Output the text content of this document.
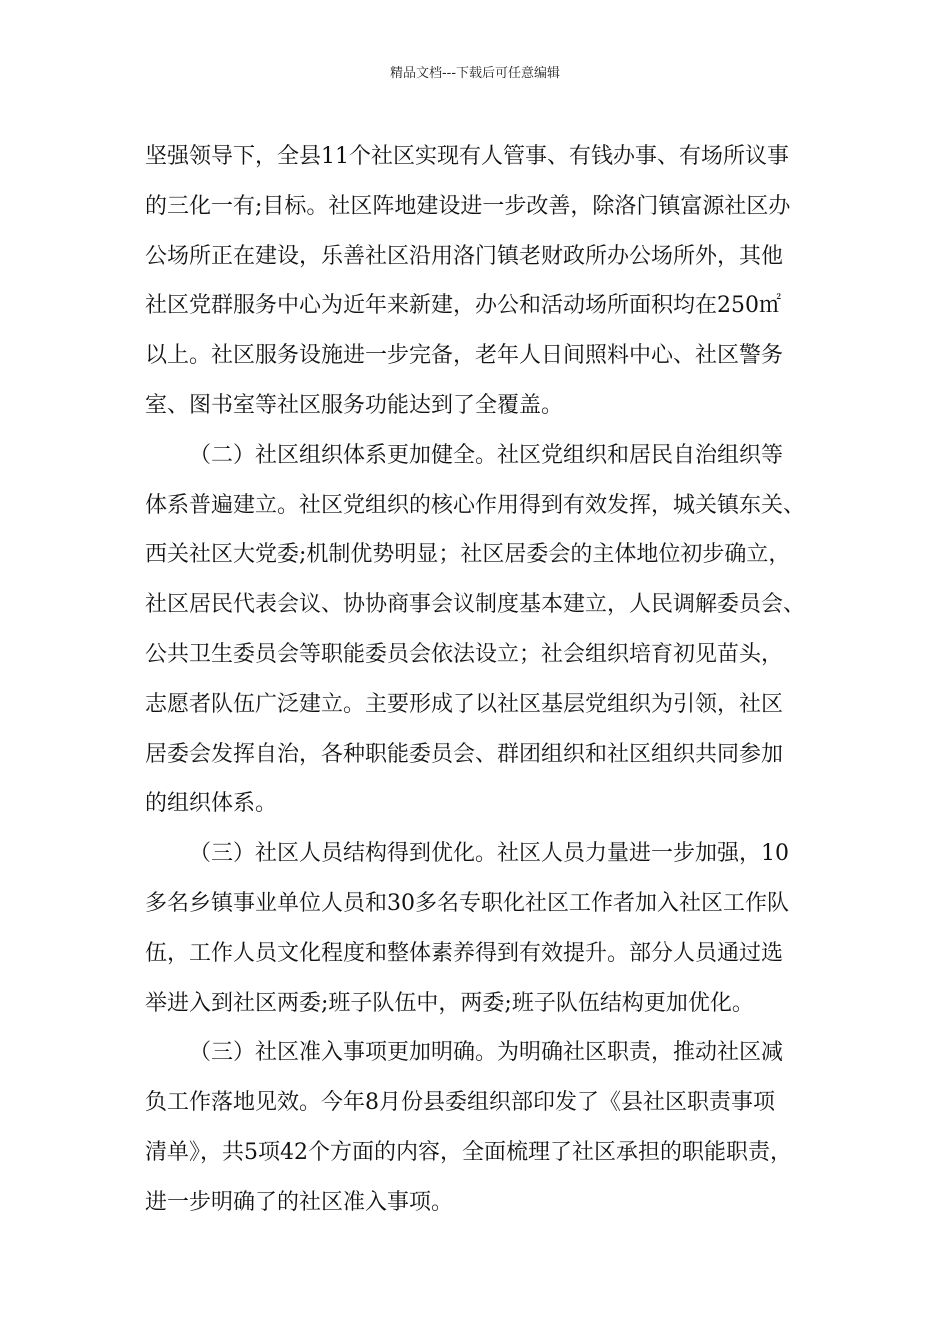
精品文档---下载后可任意编辑

坚强领导下，全县11个社区实现有人管事、有钱办事、有场所议事
的三化一有;目标。社区阵地建设进一步改善，除洛门镇富源社区办
公场所正在建设，乐善社区沿用洛门镇老财政所办公场所外，其他
社区党群服务中心为近年来新建，办公和活动场所面积均在250㎡
以上。社区服务设施进一步完备，老年人日间照料中心、社区警务
室、图书室等社区服务功能达到了全覆盖。

（二）社区组织体系更加健全。社区党组织和居民自治组织等
体系普遍建立。社区党组织的核心作用得到有效发挥，城关镇东关、
西关社区大党委;机制优势明显；社区居委会的主体地位初步确立，
社区居民代表会议、协协商事会议制度基本建立，人民调解委员会、
公共卫生委员会等职能委员会依法设立；社会组织培育初见苗头，
志愿者队伍广泛建立。主要形成了以社区基层党组织为引领，社区
居委会发挥自治，各种职能委员会、群团组织和社区组织共同参加
的组织体系。

（三）社区人员结构得到优化。社区人员力量进一步加强，10
多名乡镇事业单位人员和30多名专职化社区工作者加入社区工作队
伍，工作人员文化程度和整体素养得到有效提升。部分人员通过选
举进入到社区两委;班子队伍中，两委;班子队伍结构更加优化。

（三）社区准入事项更加明确。为明确社区职责，推动社区减
负工作落地见效。今年8月份县委组织部印发了《县社区职责事项
清单》，共5项42个方面的内容，全面梳理了社区承担的职能职责，
进一步明确了的社区准入事项。
